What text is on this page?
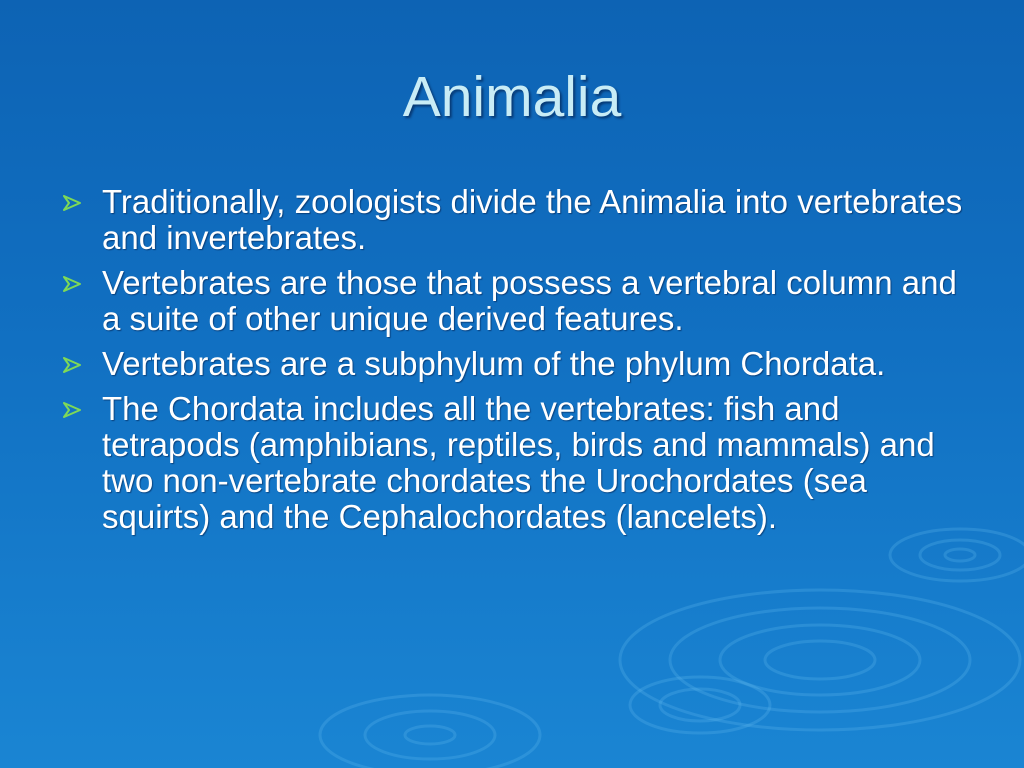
Animalia
Traditionally, zoologists divide the Animalia into vertebrates and invertebrates.
Vertebrates are those that possess a vertebral column and a suite of other unique derived features.
Vertebrates are a subphylum of the phylum Chordata.
The Chordata includes all the vertebrates: fish and tetrapods (amphibians, reptiles, birds and mammals) and two non-vertebrate chordates the Urochordates (sea squirts) and the Cephalochordates (lancelets).
